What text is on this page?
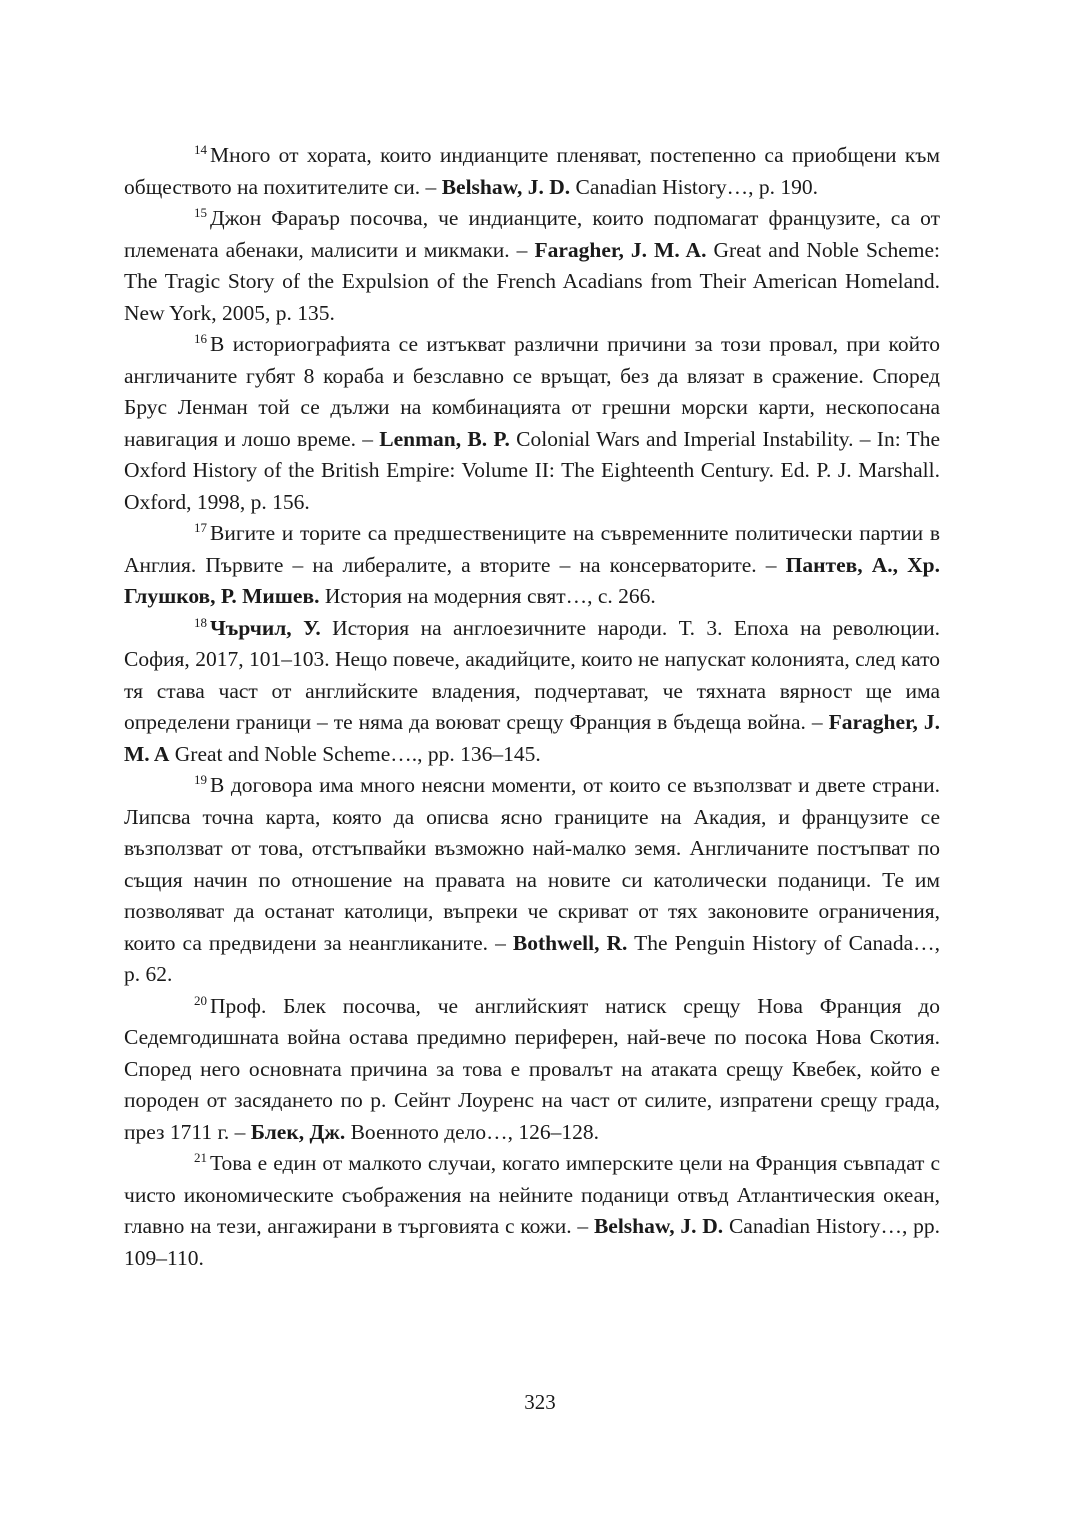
$^{14}$ Много от хората, които индианците пленяват, постепенно са приобщени към обществото на похитителите си. – Belshaw, J. D. Canadian History…, p. 190.

$^{15}$ Джон Фараър посочва, че индианците, които подпомагат французите, са от племената абенаки, малисити и микмаки. – Faragher, J. M. A. Great and Noble Scheme: The Tragic Story of the Expulsion of the French Acadians from Their American Homeland. New York, 2005, p. 135.

$^{16}$ В историографията се изтъкват различни причини за този провал, при който англичаните губят 8 кораба и безславно се връщат, без да влязат в сражение. Според Брус Ленман той се дължи на комбинацията от грешни морски карти, нескопосана навигация и лошо време. – Lenman, B. P. Colonial Wars and Imperial Instability. – In: The Oxford History of the British Empire: Volume II: The Eighteenth Century. Ed. P. J. Marshall. Oxford, 1998, p. 156.

$^{17}$ Вигите и торите са предшествениците на съвременните политически партии в Англия. Първите – на либералите, а вторите – на консерваторите. – Пантев, А., Хр. Глушков, Р. Мишев. История на модерния свят…, с. 266.

$^{18}$ Чърчил, У. История на англоезичните народи. Т. 3. Епоха на революции. София, 2017, 101–103. Нещо повече, акадийците, които не напускат колонията, след като тя става част от английските владения, подчертават, че тяхната вярност ще има определени граници – те няма да воюват срещу Франция в бъдеща война. – Faragher, J. M. A Great and Noble Scheme…., pp. 136–145.

$^{19}$ В договора има много неясни моменти, от които се възползват и двете страни. Липсва точна карта, която да описва ясно границите на Акадия, и французите се възползват от това, отстъпвайки възможно най-малко земя. Англичаните постъпват по същия начин по отношение на правата на новите си католически поданици. Те им позволяват да останат католици, въпреки че скриват от тях законовите ограничения, които са предвидени за неангликаните. – Bothwell, R. The Penguin History of Canada…, p. 62.

$^{20}$ Проф. Блек посочва, че английският натиск срещу Нова Франция до Седемгодишната война остава предимно периферен, най-вече по посока Нова Скотия. Според него основната причина за това е провалът на атаката срещу Квебек, който е породен от засядането по р. Сейнт Лоуренс на част от силите, изпратени срещу града, през 1711 г. – Блек, Дж. Военното дело…, 126–128.

$^{21}$ Това е един от малкото случаи, когато имперските цели на Франция съвпадат с чисто икономическите съображения на нейните поданици отвъд Атлантическия океан, главно на тези, ангажирани в търговията с кожи. – Belshaw, J. D. Canadian History…, pp. 109–110.

323
